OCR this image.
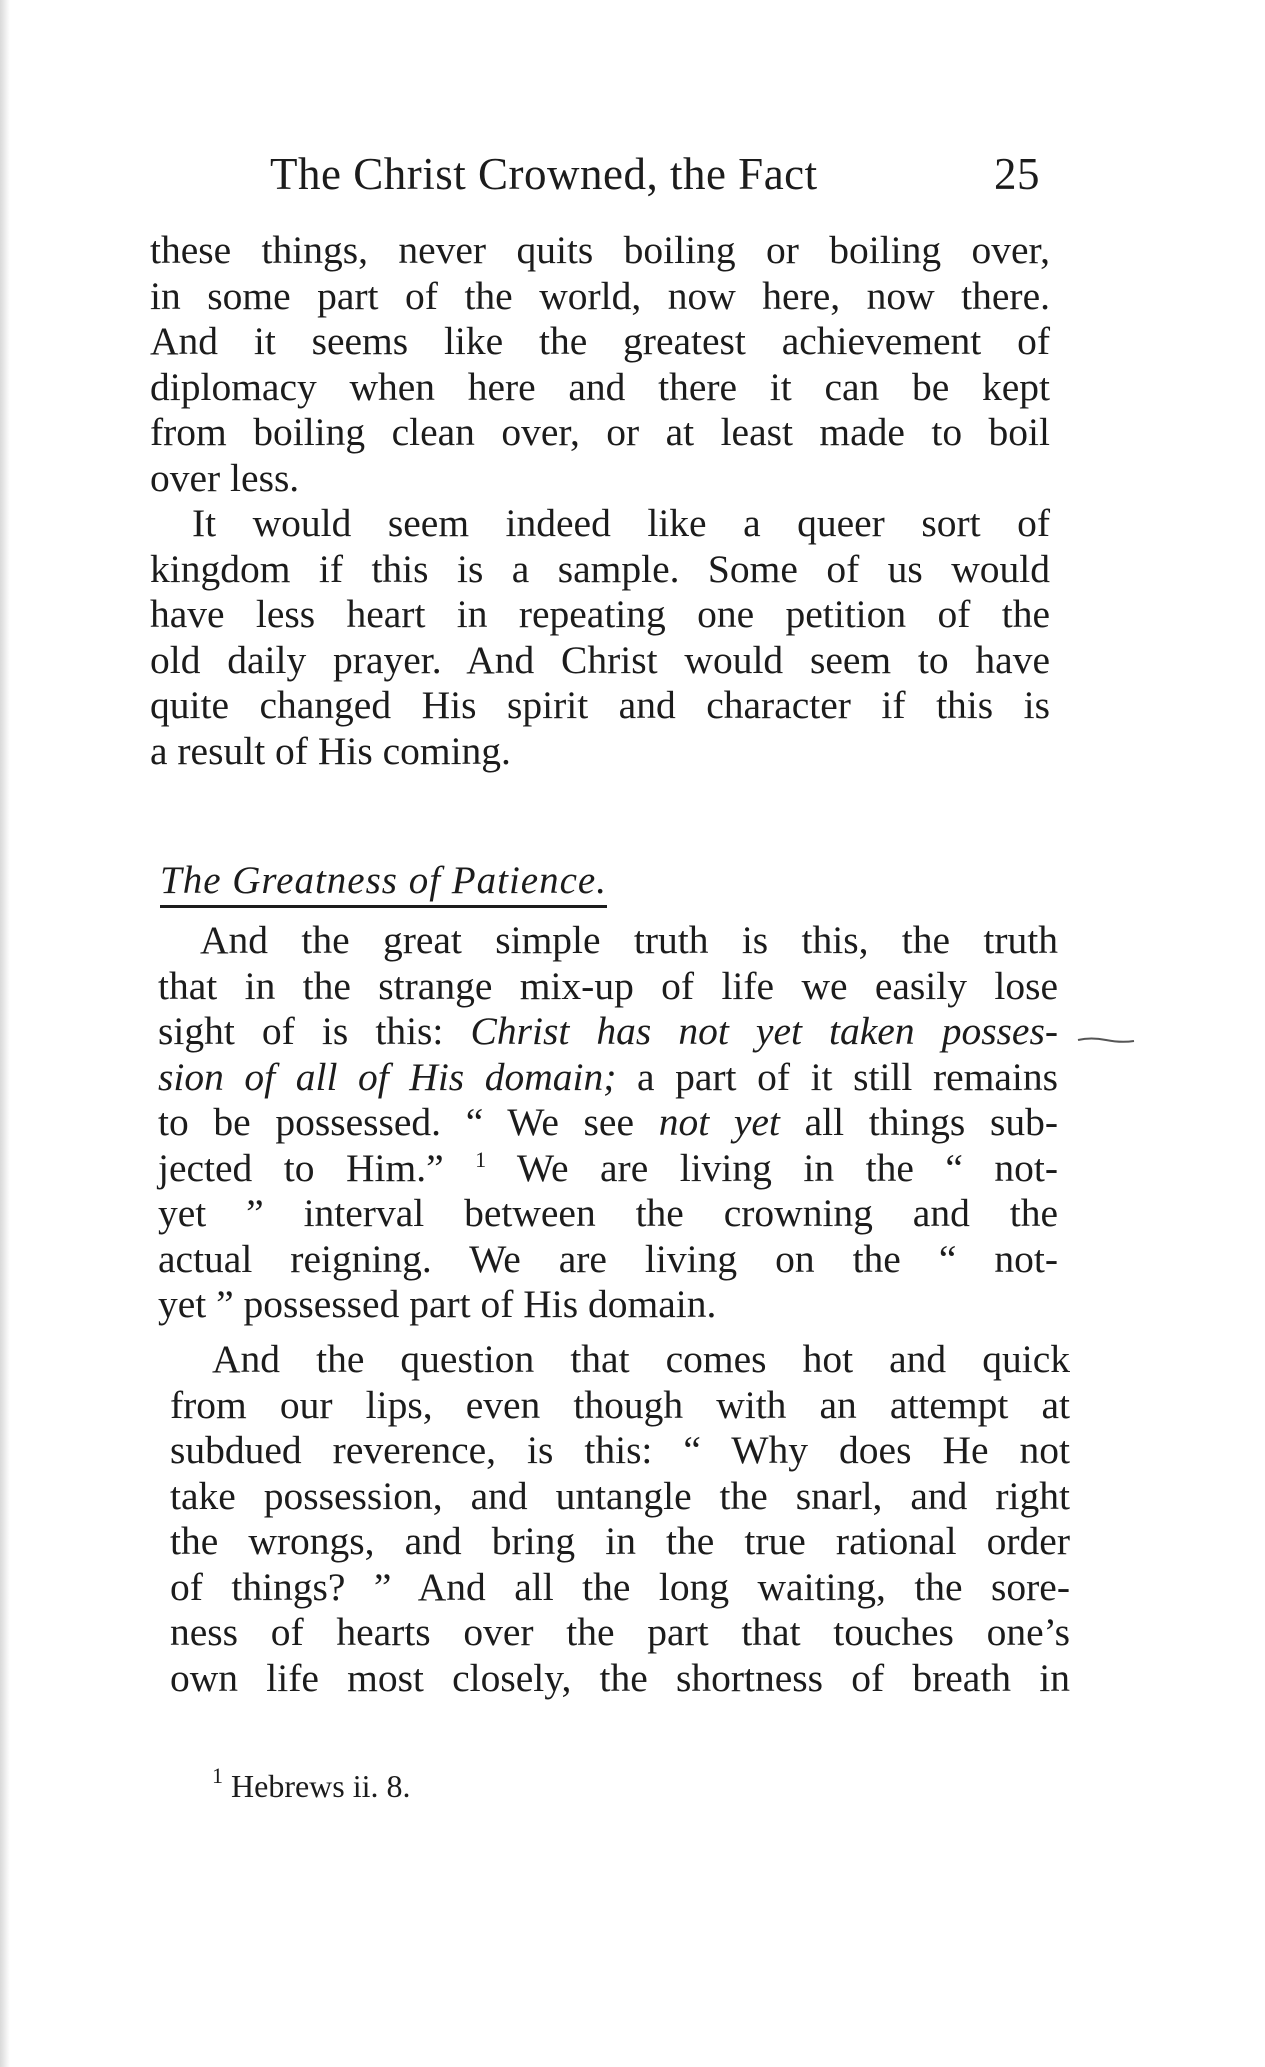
The Christ Crowned, the Fact	25
these things, never quits boiling or boiling over,
in some part of the world, now here, now there.
And it seems like the greatest achievement of
diplomacy when here and there it can be kept
from boiling clean over, or at least made to boil
over less.
It would seem indeed like a queer sort of
kingdom if this is a sample. Some of us would
have less heart in repeating one petition of the
old daily prayer. And Christ would seem to have
quite changed His spirit and character if this is
a result of His coming.
The Greatness of Patience.
And the great simple truth is this, the truth
that in the strange mix-up of life we easily lose
sight of is this: Christ has not yet taken posses-
sion of all of His domain; a part of it still remains
to be possessed. “ We see not yet all things sub-
jected to Him.” $^1$ We are living in the “ not-
yet ” interval between the crowning and the
actual reigning. We are living on the “ not-
yet ” possessed part of His domain.
And the question that comes hot and quick
from our lips, even though with an attempt at
subdued reverence, is this: “ Why does He not
take possession, and untangle the snarl, and right
the wrongs, and bring in the true rational order
of things? ” And all the long waiting, the sore-
ness of hearts over the part that touches one’s
own life most closely, the shortness of breath in
$^1$ Hebrews ii. 8.
